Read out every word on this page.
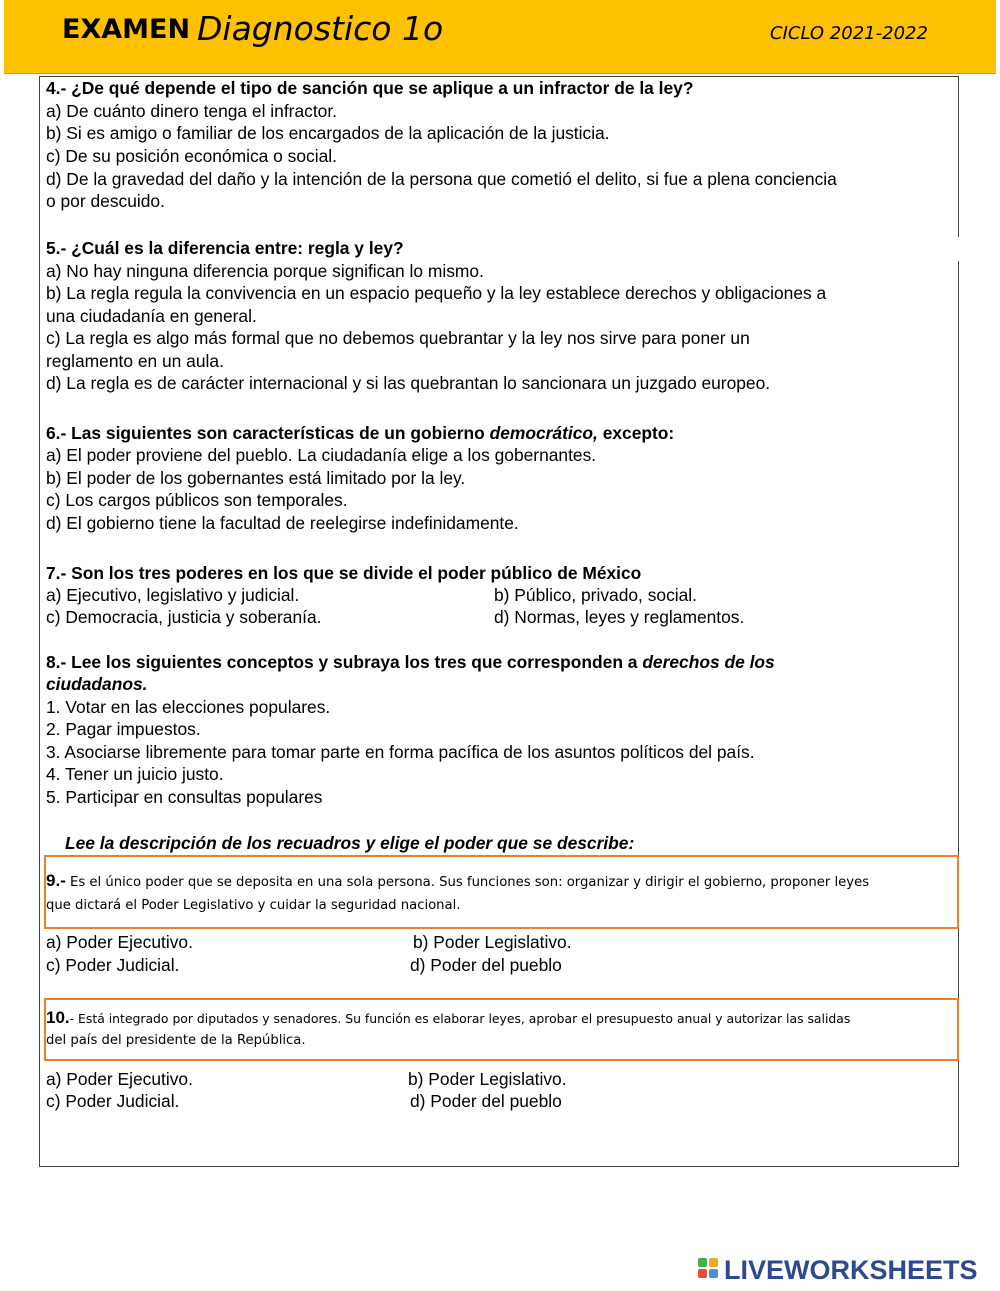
EXAMEN Diagnostico 1o	CICLO 2021-2022
4.- ¿De qué depende el tipo de sanción que se aplique a un infractor de la ley?
a) De cuánto dinero tenga el infractor.
b) Si es amigo o familiar de los encargados de la aplicación de la justicia.
c) De su posición económica o social.
d) De la gravedad del daño y la intención de la persona que cometió el delito, si fue a plena conciencia
o por descuido.
5.- ¿Cuál es la diferencia entre: regla y ley?
a) No hay ninguna diferencia porque significan lo mismo.
b) La regla regula la convivencia en un espacio pequeño y la ley establece derechos y obligaciones a
una ciudadanía en general.
c) La regla es algo más formal que no debemos quebrantar y la ley nos sirve para poner un
reglamento en un aula.
d) La regla es de carácter internacional y si las quebrantan lo sancionara un juzgado europeo.
6.- Las siguientes son características de un gobierno democrático, excepto:
a) El poder proviene del pueblo. La ciudadanía elige a los gobernantes.
b) El poder de los gobernantes está limitado por la ley.
c) Los cargos públicos son temporales.
d) El gobierno tiene la facultad de reelegirse indefinidamente.
7.- Son los tres poderes en los que se divide el poder público de México
a) Ejecutivo, legislativo y judicial.	b) Público, privado, social.
c) Democracia, justicia y soberanía.	d) Normas, leyes y reglamentos.
8.- Lee los siguientes conceptos y subraya los tres que corresponden a derechos de los
ciudadanos.
1. Votar en las elecciones populares.
2. Pagar impuestos.
3. Asociarse libremente para tomar parte en forma pacífica de los asuntos políticos del país.
4. Tener un juicio justo.
5. Participar en consultas populares
Lee la descripción de los recuadros y elige el poder que se describe:
9.- Es el único poder que se deposita en una sola persona. Sus funciones son: organizar y dirigir el gobierno, proponer leyes
que dictará el Poder Legislativo y cuidar la seguridad nacional.
a) Poder Ejecutivo.	b) Poder Legislativo.
c) Poder Judicial.	d) Poder del pueblo
10.- Está integrado por diputados y senadores. Su función es elaborar leyes, aprobar el presupuesto anual y autorizar las salidas
del país del presidente de la República.
a) Poder Ejecutivo.	b) Poder Legislativo.
c) Poder Judicial.	d) Poder del pueblo
LIVEWORKSHEETS
